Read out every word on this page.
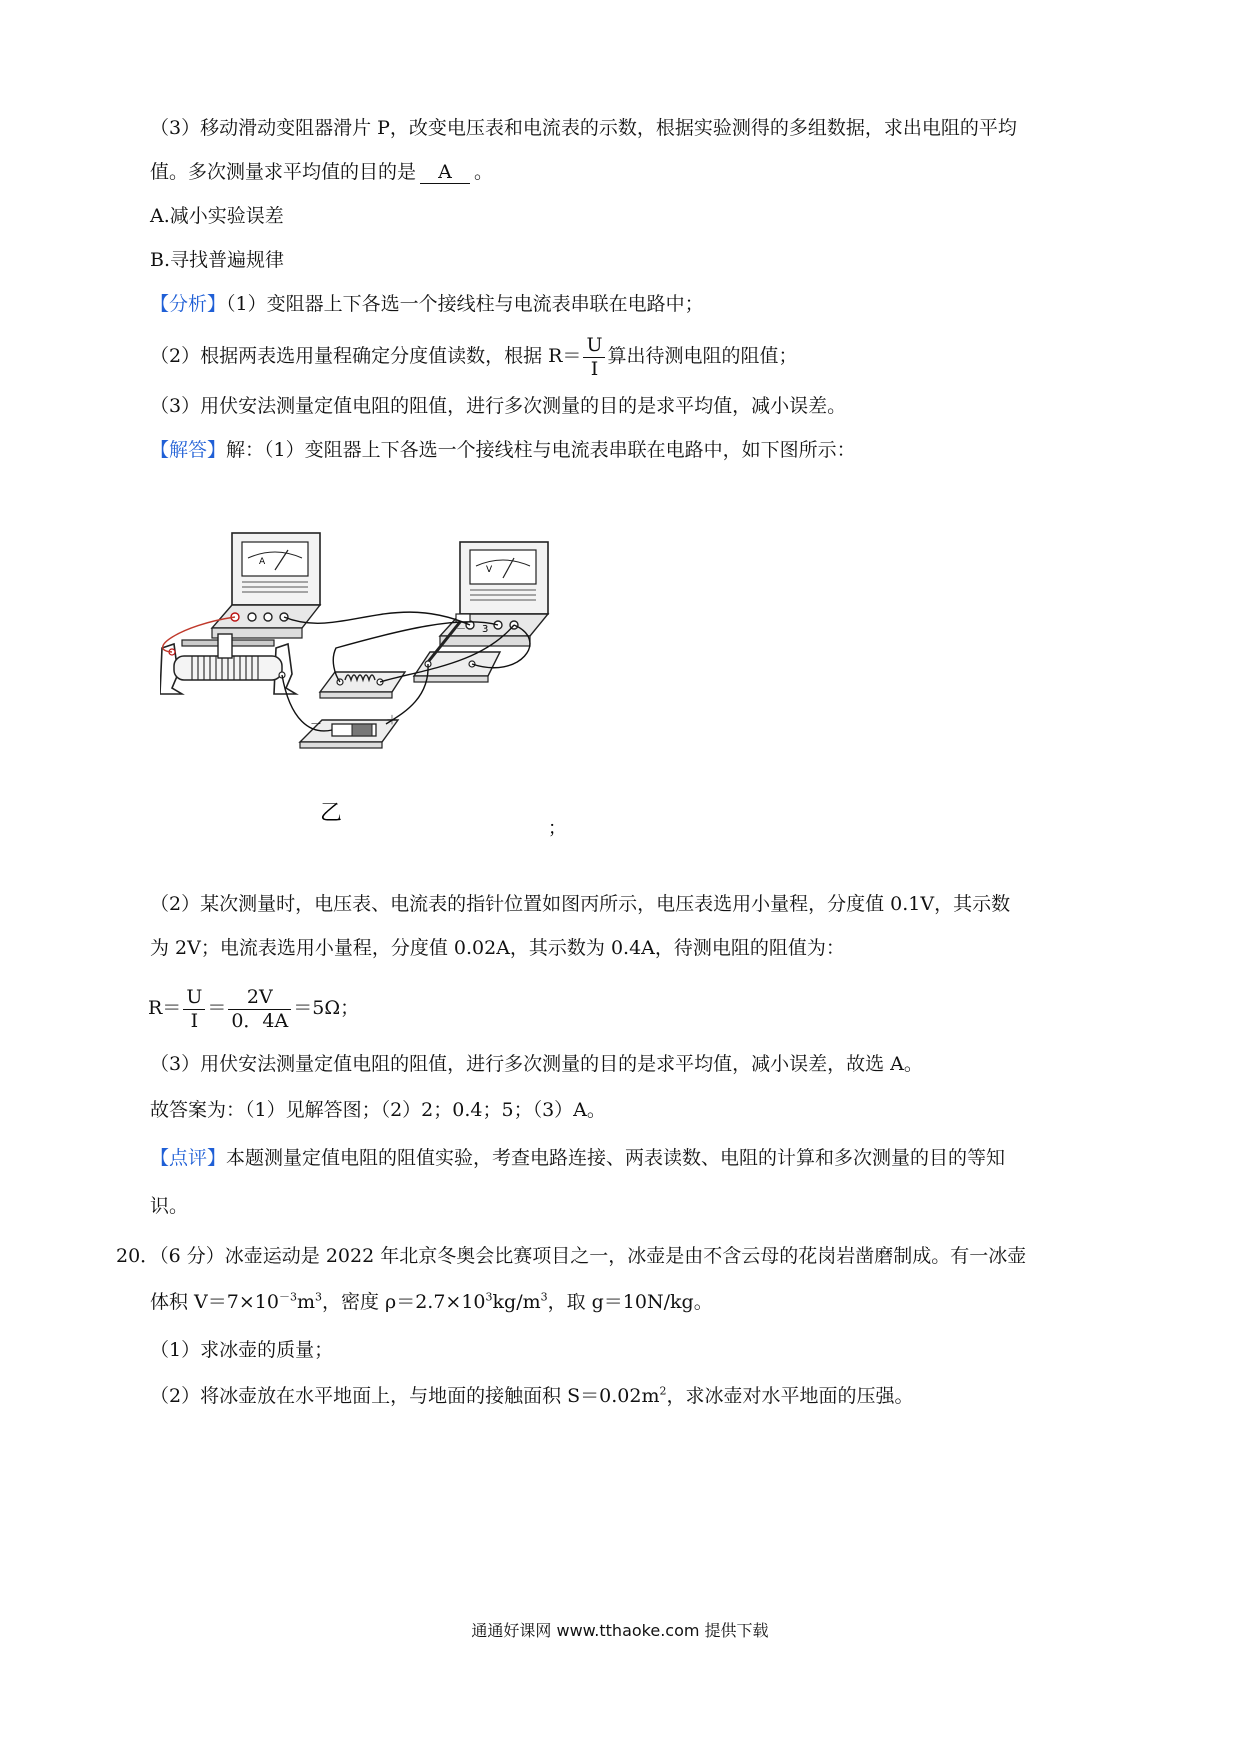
（3）移动滑动变阻器滑片 P，改变电压表和电流表的示数，根据实验测得的多组数据，求出电阻的平均
值。多次测量求平均值的目的是 A 。
A.减小实验误差
B.寻找普遍规律
【分析】（1）变阻器上下各选一个接线柱与电流表串联在电路中；
（2）根据两表选用量程确定分度值读数，根据 $R= \frac{U}{I}$ 算出待测电阻的阻值；
（3）用伏安法测量定值电阻的阻值，进行多次测量的目的是求平均值，减小误差。
【解答】解：（1）变阻器上下各选一个接线柱与电流表串联在电路中，如下图所示：
A
V
－ 3
－	＋
乙
；
（2）某次测量时，电压表、电流表的指针位置如图丙所示，电压表选用小量程，分度值 0.1V，其示数
为 2V；电流表选用小量程，分度值 0.02A，其示数为 0.4A，待测电阻的阻值为：
$R= \frac{U}{I} = \frac{2V}{0.4A} =5\Omega$；
（3）用伏安法测量定值电阻的阻值，进行多次测量的目的是求平均值，减小误差，故选 A。
故答案为：（1）见解答图；（2）2；0.4；5；（3）A。
【点评】本题测量定值电阻的阻值实验，考查电路连接、两表读数、电阻的计算和多次测量的目的等知
识。
20．（6 分）冰壶运动是 2022 年北京冬奥会比赛项目之一，冰壶是由不含云母的花岗岩凿磨制成。有一冰壶
体积 $V=7\times 10^{-3}m^3$，密度 $\rho=2.7\times 10^3kg/m^3$，取 g＝10N/kg。
（1）求冰壶的质量；
（2）将冰壶放在水平地面上，与地面的接触面积 $S=0.02m^2$，求冰壶对水平地面的压强。
通通好课网 www.tthaoke.com 提供下载
